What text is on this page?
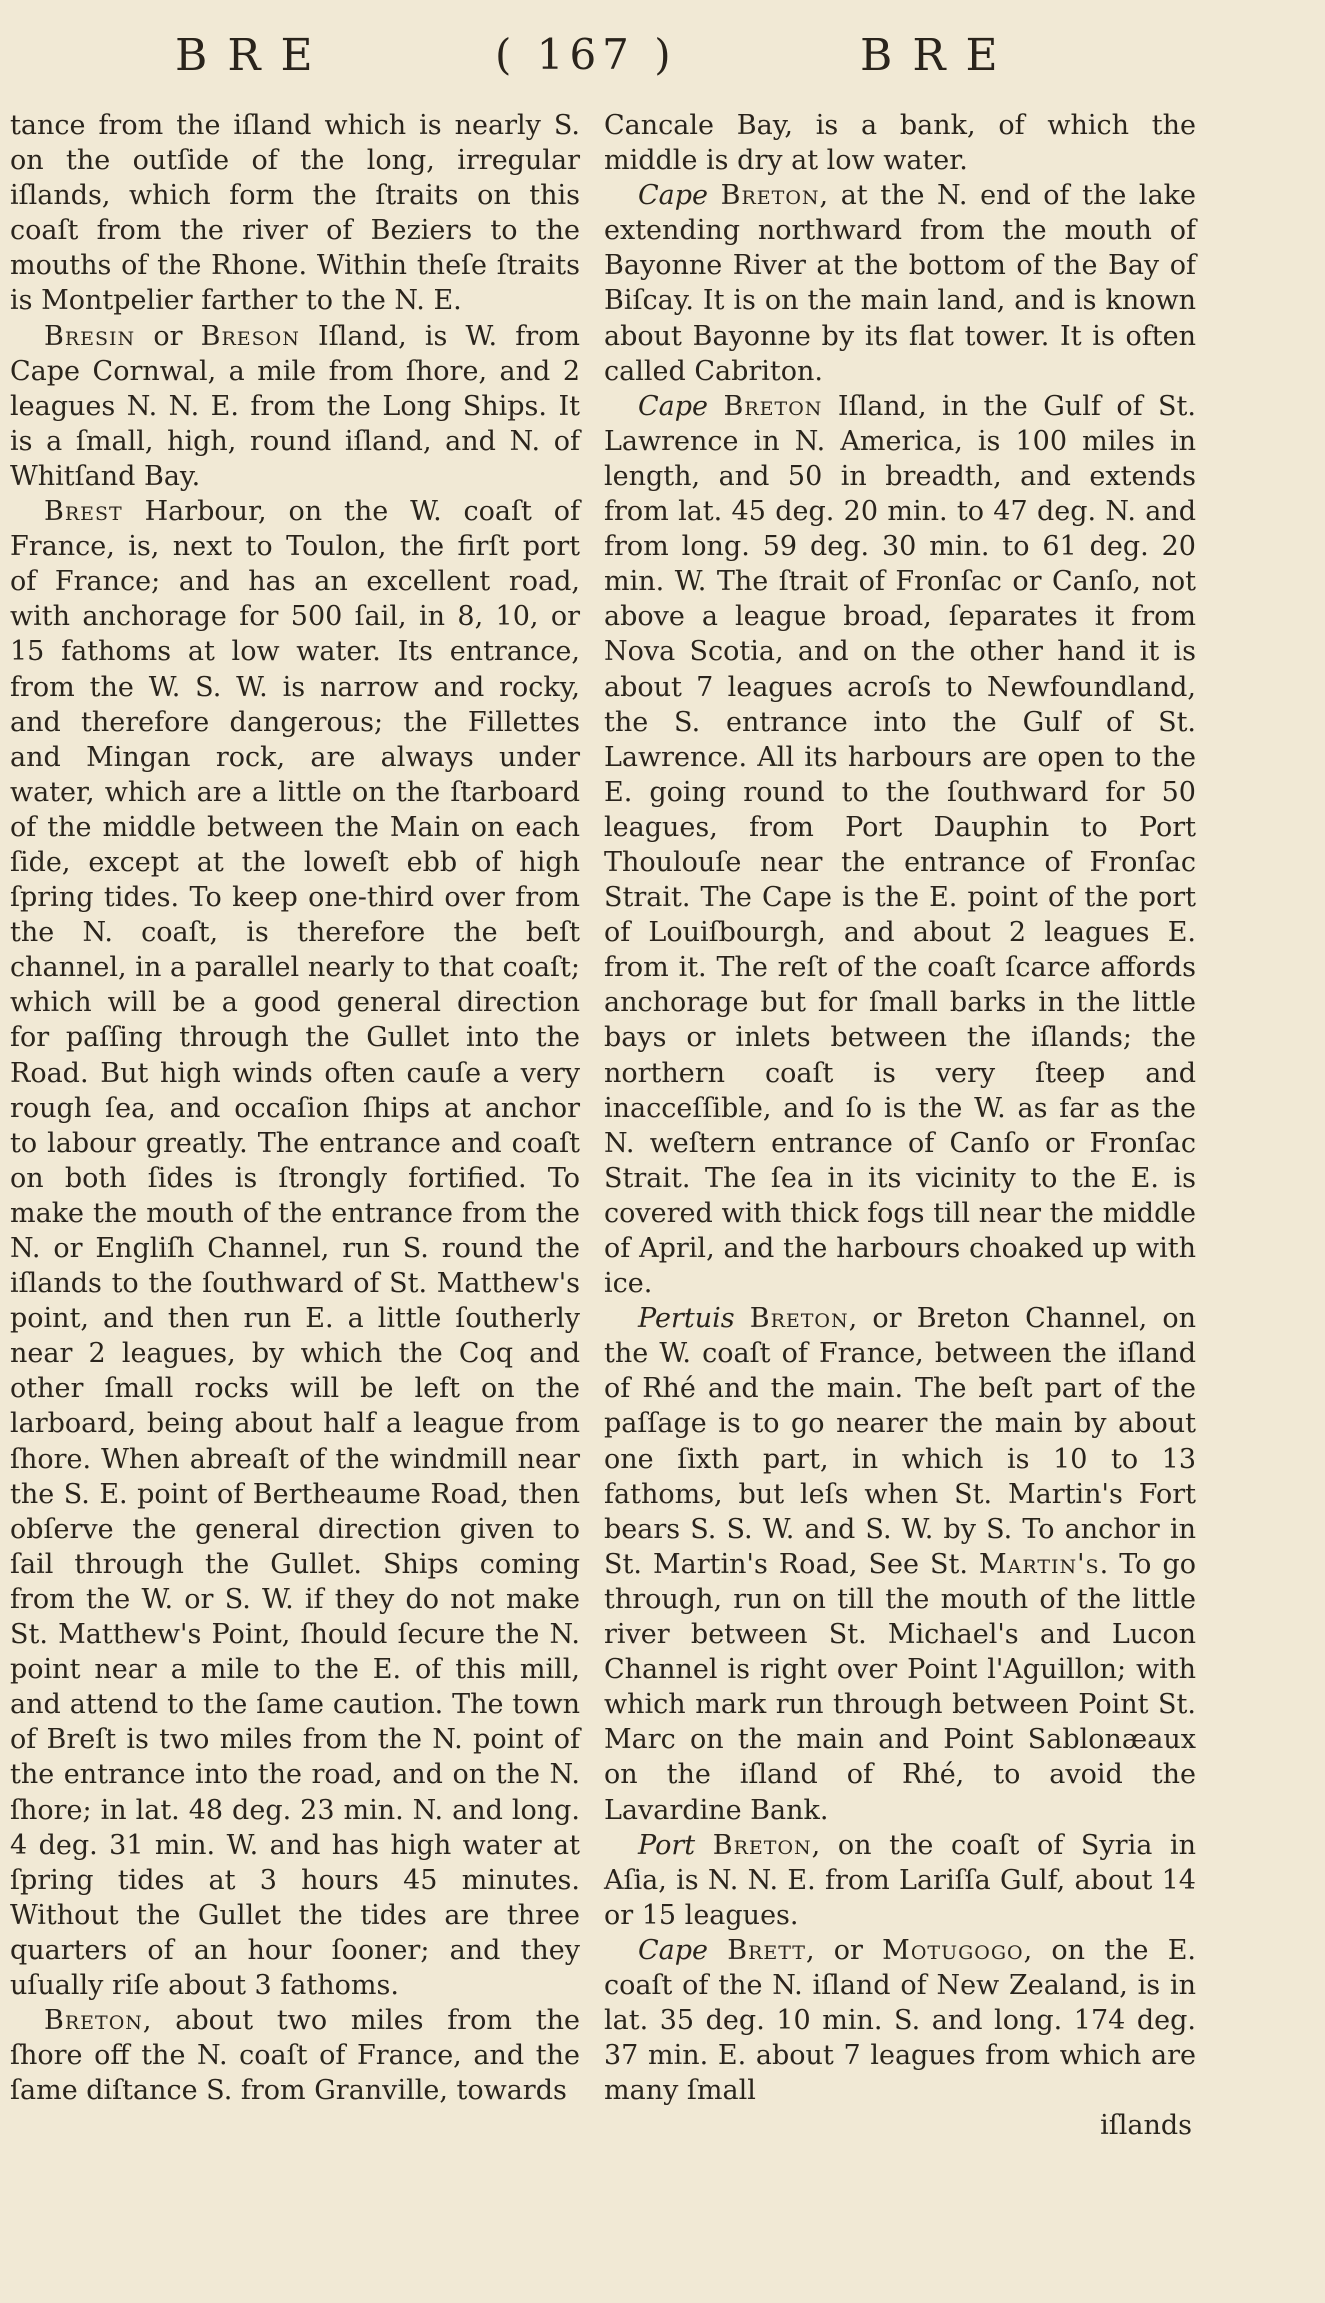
BRE	( 167 )	BRE

tance from the iſland which is nearly S. on the outſide of the long, irregular iſlands, which form the ſtraits on this coaſt from the river of Beziers to the mouths of the Rhone. Within theſe ſtraits is Montpelier farther to the N. E.

Bresin or Breson Iſland, is W. from Cape Cornwal, a mile from ſhore, and 2 leagues N. N. E. from the Long Ships. It is a ſmall, high, round iſland, and N. of Whitſand Bay.

Brest Harbour, on the W. coaſt of France, is, next to Toulon, the firſt port of France; and has an excellent road, with anchorage for 500 ſail, in 8, 10, or 15 fathoms at low water. Its entrance, from the W. S. W. is narrow and rocky, and therefore dangerous; the Fillettes and Mingan rock, are always under water, which are a little on the ſtarboard of the middle between the Main on each ſide, except at the loweſt ebb of high ſpring tides. To keep one-third over from the N. coaſt, is therefore the beſt channel, in a parallel nearly to that coaſt; which will be a good general direction for paſſing through the Gullet into the Road. But high winds often cauſe a very rough ſea, and occaſion ſhips at anchor to labour greatly. The entrance and coaſt on both ſides is ſtrongly fortified. To make the mouth of the entrance from the N. or Engliſh Channel, run S. round the iſlands to the ſouthward of St. Matthew's point, and then run E. a little ſoutherly near 2 leagues, by which the Coq and other ſmall rocks will be left on the larboard, being about half a league from ſhore. When abreaſt of the windmill near the S. E. point of Bertheaume Road, then obſerve the general direction given to ſail through the Gullet. Ships coming from the W. or S. W. if they do not make St. Matthew's Point, ſhould ſecure the N. point near a mile to the E. of this mill, and attend to the ſame caution. The town of Breſt is two miles from the N. point of the entrance into the road, and on the N. ſhore; in lat. 48 deg. 23 min. N. and long. 4 deg. 31 min. W. and has high water at ſpring tides at 3 hours 45 minutes. Without the Gullet the tides are three quarters of an hour ſooner; and they uſually riſe about 3 fathoms.

Breton, about two miles from the ſhore off the N. coaſt of France, and the ſame diſtance S. from Granville, towards

Cancale Bay, is a bank, of which the middle is dry at low water.

Cape Breton, at the N. end of the lake extending northward from the mouth of Bayonne River at the bottom of the Bay of Biſcay. It is on the main land, and is known about Bayonne by its flat tower. It is often called Cabriton.

Cape Breton Iſland, in the Gulf of St. Lawrence in N. America, is 100 miles in length, and 50 in breadth, and extends from lat. 45 deg. 20 min. to 47 deg. N. and from long. 59 deg. 30 min. to 61 deg. 20 min. W. The ſtrait of Fronſac or Canſo, not above a league broad, ſeparates it from Nova Scotia, and on the other hand it is about 7 leagues acroſs to Newfoundland, the S. entrance into the Gulf of St. Lawrence. All its harbours are open to the E. going round to the ſouthward for 50 leagues, from Port Dauphin to Port Thoulouſe near the entrance of Fronſac Strait. The Cape is the E. point of the port of Louiſbourgh, and about 2 leagues E. from it. The reſt of the coaſt ſcarce affords anchorage but for ſmall barks in the little bays or inlets between the iſlands; the northern coaſt is very ſteep and inacceſſible, and ſo is the W. as far as the N. weſtern entrance of Canſo or Fronſac Strait. The ſea in its vicinity to the E. is covered with thick fogs till near the middle of April, and the harbours choaked up with ice.

Pertuis Breton, or Breton Channel, on the W. coaſt of France, between the iſland of Rhé and the main. The beſt part of the paſſage is to go nearer the main by about one ſixth part, in which is 10 to 13 fathoms, but leſs when St. Martin's Fort bears S. S. W. and S. W. by S. To anchor in St. Martin's Road, See St. Martin's. To go through, run on till the mouth of the little river between St. Michael's and Lucon Channel is right over Point l'Aguillon; with which mark run through between Point St. Marc on the main and Point Sablonæaux on the iſland of Rhé, to avoid the Lavardine Bank.

Port Breton, on the coaſt of Syria in Aſia, is N. N. E. from Lariſſa Gulf, about 14 or 15 leagues.

Cape Brett, or Motugogo, on the E. coaſt of the N. iſland of New Zealand, is in lat. 35 deg. 10 min. S. and long. 174 deg. 37 min. E. about 7 leagues from which are many ſmall

iſlands
